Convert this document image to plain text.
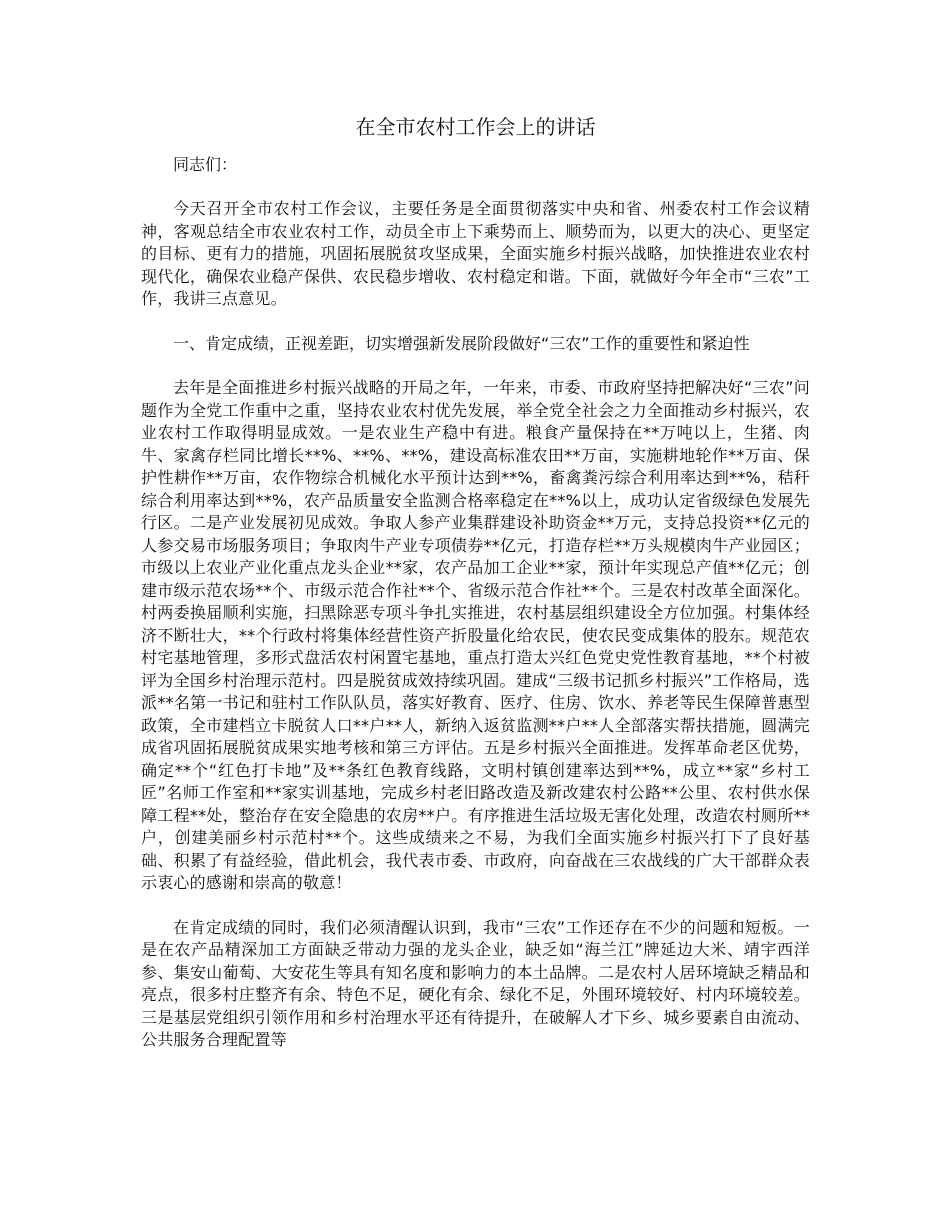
在全市农村工作会上的讲话

同志们：

今天召开全市农村工作会议，主要任务是全面贯彻落实中央和省、州委农村工作会议精神，客观总结全市农业农村工作，动员全市上下乘势而上、顺势而为，以更大的决心、更坚定的目标、更有力的措施，巩固拓展脱贫攻坚成果，全面实施乡村振兴战略，加快推进农业农村现代化，确保农业稳产保供、农民稳步增收、农村稳定和谐。下面，就做好今年全市“三农”工作，我讲三点意见。

一、肯定成绩，正视差距，切实增强新发展阶段做好“三农”工作的重要性和紧迫性

去年是全面推进乡村振兴战略的开局之年，一年来，市委、市政府坚持把解决好“三农”问题作为全党工作重中之重，坚持农业农村优先发展，举全党全社会之力全面推动乡村振兴，农业农村工作取得明显成效。一是农业生产稳中有进。粮食产量保持在**万吨以上，生猪、肉牛、家禽存栏同比增长**%、**%、**%，建设高标准农田**万亩，实施耕地轮作**万亩、保护性耕作**万亩，农作物综合机械化水平预计达到**%，畜禽粪污综合利用率达到**%，秸秆综合利用率达到**%，农产品质量安全监测合格率稳定在**%以上，成功认定省级绿色发展先行区。二是产业发展初见成效。争取人参产业集群建设补助资金**万元，支持总投资**亿元的人参交易市场服务项目；争取肉牛产业专项债券**亿元，打造存栏**万头规模肉牛产业园区；市级以上农业产业化重点龙头企业**家，农产品加工企业**家，预计年实现总产值**亿元；创建市级示范农场**个、市级示范合作社**个、省级示范合作社**个。三是农村改革全面深化。村两委换届顺利实施，扫黑除恶专项斗争扎实推进，农村基层组织建设全方位加强。村集体经济不断壮大，**个行政村将集体经营性资产折股量化给农民，使农民变成集体的股东。规范农村宅基地管理，多形式盘活农村闲置宅基地，重点打造太兴红色党史党性教育基地，**个村被评为全国乡村治理示范村。四是脱贫成效持续巩固。建成“三级书记抓乡村振兴”工作格局，选派**名第一书记和驻村工作队队员，落实好教育、医疗、住房、饮水、养老等民生保障普惠型政策，全市建档立卡脱贫人口**户**人，新纳入返贫监测**户**人全部落实帮扶措施，圆满完成省巩固拓展脱贫成果实地考核和第三方评估。五是乡村振兴全面推进。发挥革命老区优势，确定**个“红色打卡地”及**条红色教育线路，文明村镇创建率达到**%，成立**家“乡村工匠”名师工作室和**家实训基地，完成乡村老旧路改造及新改建农村公路**公里、农村供水保障工程**处，整治存在安全隐患的农房**户。有序推进生活垃圾无害化处理，改造农村厕所**户，创建美丽乡村示范村**个。这些成绩来之不易，为我们全面实施乡村振兴打下了良好基础、积累了有益经验，借此机会，我代表市委、市政府，向奋战在三农战线的广大干部群众表示衷心的感谢和崇高的敬意！

在肯定成绩的同时，我们必须清醒认识到，我市“三农”工作还存在不少的问题和短板。一是在农产品精深加工方面缺乏带动力强的龙头企业，缺乏如“海兰江”牌延边大米、靖宇西洋参、集安山葡萄、大安花生等具有知名度和影响力的本土品牌。二是农村人居环境缺乏精品和亮点，很多村庄整齐有余、特色不足，硬化有余、绿化不足，外围环境较好、村内环境较差。三是基层党组织引领作用和乡村治理水平还有待提升，在破解人才下乡、城乡要素自由流动、公共服务合理配置等
